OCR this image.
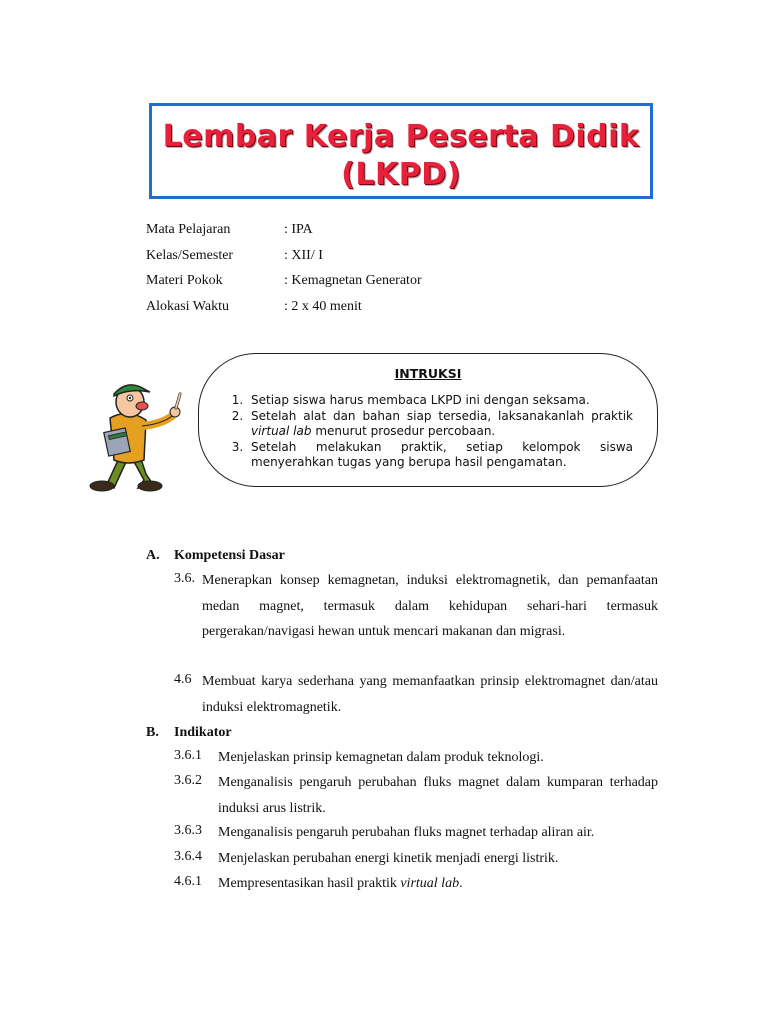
Lembar Kerja Peserta Didik
(LKPD)
Mata Pelajaran	: IPA
Kelas/Semester	: XII/ I
Materi Pokok	: Kemagnetan Generator
Alokasi Waktu	: 2 x 40 menit
INTRUKSI
1. Setiap siswa harus membaca LKPD ini dengan seksama.
2. Setelah alat dan bahan siap tersedia, laksanakanlah praktik virtual lab menurut prosedur percobaan.
3. Setelah melakukan praktik, setiap kelompok siswa menyerahkan tugas yang berupa hasil pengamatan.
A.	Kompetensi Dasar
3.6. Menerapkan konsep kemagnetan, induksi elektromagnetik, dan pemanfaatan medan magnet, termasuk dalam kehidupan sehari-hari termasuk pergerakan/navigasi hewan untuk mencari makanan dan migrasi.
4.6 Membuat karya sederhana yang memanfaatkan prinsip elektromagnet dan/atau induksi elektromagnetik.
B.	Indikator
3.6.1 Menjelaskan prinsip kemagnetan dalam produk teknologi.
3.6.2 Menganalisis pengaruh perubahan fluks magnet dalam kumparan terhadap induksi arus listrik.
3.6.3 Menganalisis pengaruh perubahan fluks magnet terhadap aliran air.
3.6.4 Menjelaskan perubahan energi kinetik menjadi energi listrik.
4.6.1 Mempresentasikan hasil praktik virtual lab.
